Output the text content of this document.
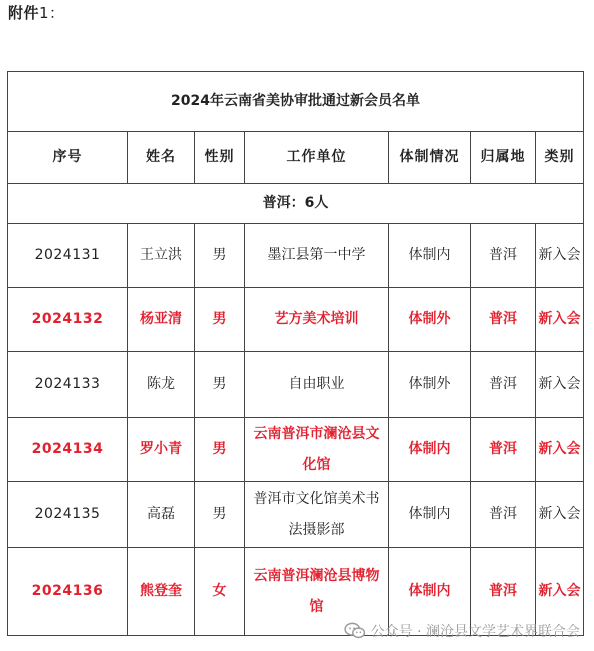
附件1：
2024年云南省美协审批通过新会员名单						
序号	姓名	性别	工作单位	体制情况	归属地	类别
普洱：6人						
2024131	王立洪	男	墨江县第一中学	体制内	普洱	新入会
2024132	杨亚清	男	艺方美术培训	体制外	普洱	新入会
2024133	陈龙	男	自由职业	体制外	普洱	新入会
2024134	罗小青	男	云南普洱市澜沧县文化馆	体制内	普洱	新入会
2024135	高磊	男	普洱市文化馆美术书法摄影部	体制内	普洱	新入会
2024136	熊登奎	女	云南普洱澜沧县博物馆	体制内	普洱	新入会
公众号 · 澜沧县文学艺术界联合会
